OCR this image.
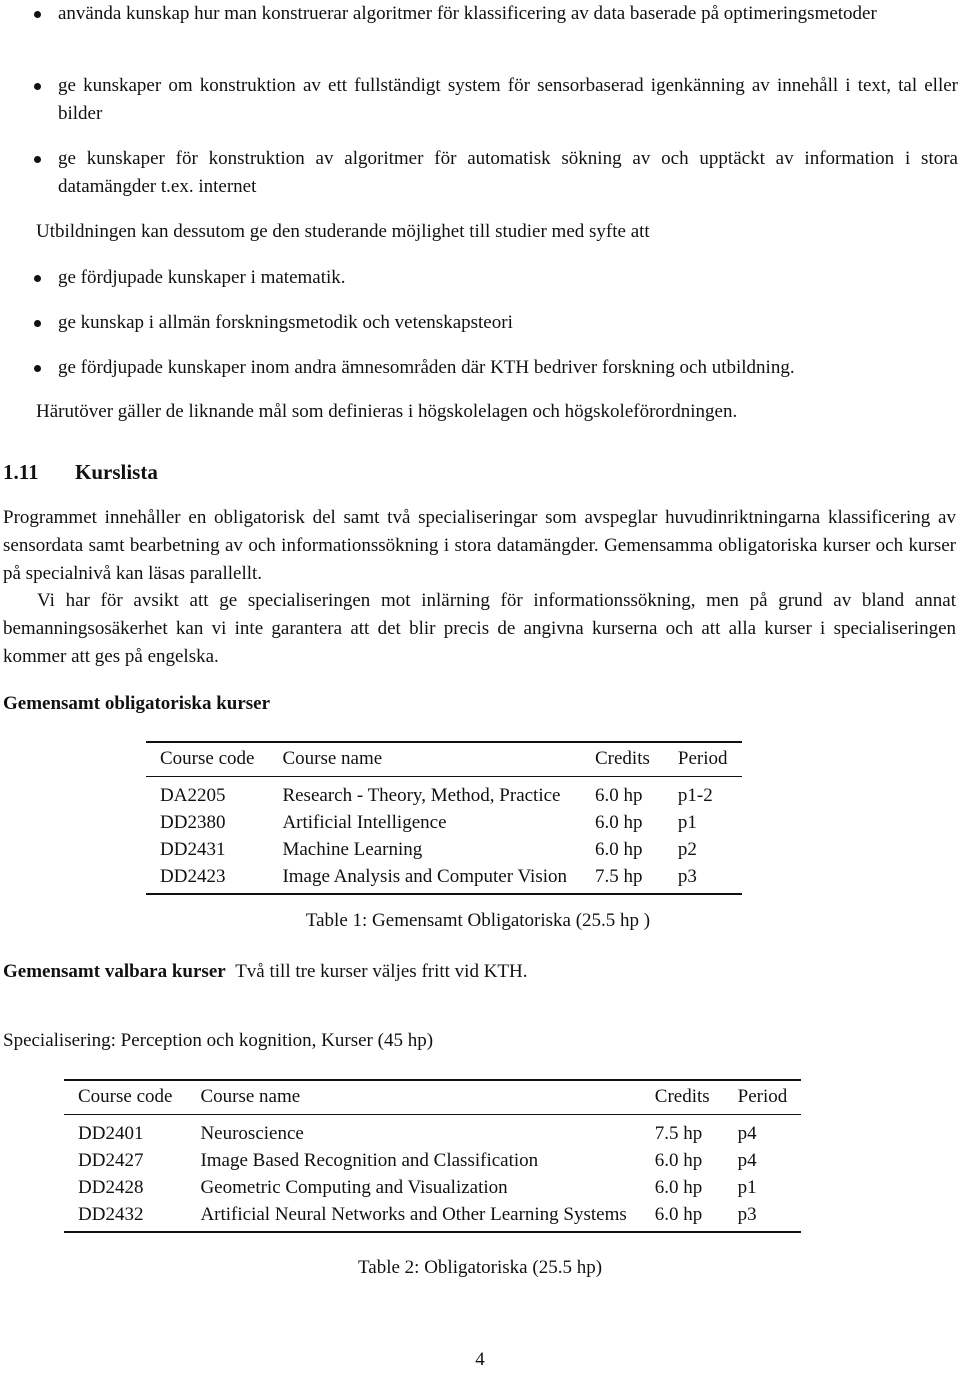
använda kunskap hur man konstruerar algoritmer för klassificering av data baserade på optimeringsmetoder
ge kunskaper om konstruktion av ett fullständigt system för sensorbaserad igenkänning av innehåll i text, tal eller bilder
ge kunskaper för konstruktion av algoritmer för automatisk sökning av och upptäckt av information i stora datamängder t.ex. internet
Utbildningen kan dessutom ge den studerande möjlighet till studier med syfte att
ge fördjupade kunskaper i matematik.
ge kunskap i allmän forskningsmetodik och vetenskapsteori
ge fördjupade kunskaper inom andra ämnesområden där KTH bedriver forskning och utbildning.
Härutöver gäller de liknande mål som definieras i högskolelagen och högskoleförordningen.
1.11 Kurslista
Programmet innehåller en obligatorisk del samt två specialiseringar som avspeglar huvudinriktningarna klassificering av sensordata samt bearbetning av och informationssökning i stora datamängder. Gemensamma obligatoriska kurser och kurser på specialnivå kan läsas parallellt.
Vi har för avsikt att ge specialiseringen mot inlärning för informationssökning, men på grund av bland annat bemanningsosäkerhet kan vi inte garantera att det blir precis de angivna kurserna och att alla kurser i specialiseringen kommer att ges på engelska.
Gemensamt obligatoriska kurser
Course code	Course name	Credits	Period
DA2205	Research - Theory, Method, Practice	6.0 hp	p1-2
DD2380	Artificial Intelligence	6.0 hp	p1
DD2431	Machine Learning	6.0 hp	p2
DD2423	Image Analysis and Computer Vision	7.5 hp	p3
Table 1: Gemensamt Obligatoriska (25.5 hp )
Gemensamt valbara kurser Två till tre kurser väljes fritt vid KTH.
Specialisering: Perception och kognition, Kurser (45 hp)
Course code	Course name	Credits	Period
DD2401	Neuroscience	7.5 hp	p4
DD2427	Image Based Recognition and Classification	6.0 hp	p4
DD2428	Geometric Computing and Visualization	6.0 hp	p1
DD2432	Artificial Neural Networks and Other Learning Systems	6.0 hp	p3
Table 2: Obligatoriska (25.5 hp)
4
